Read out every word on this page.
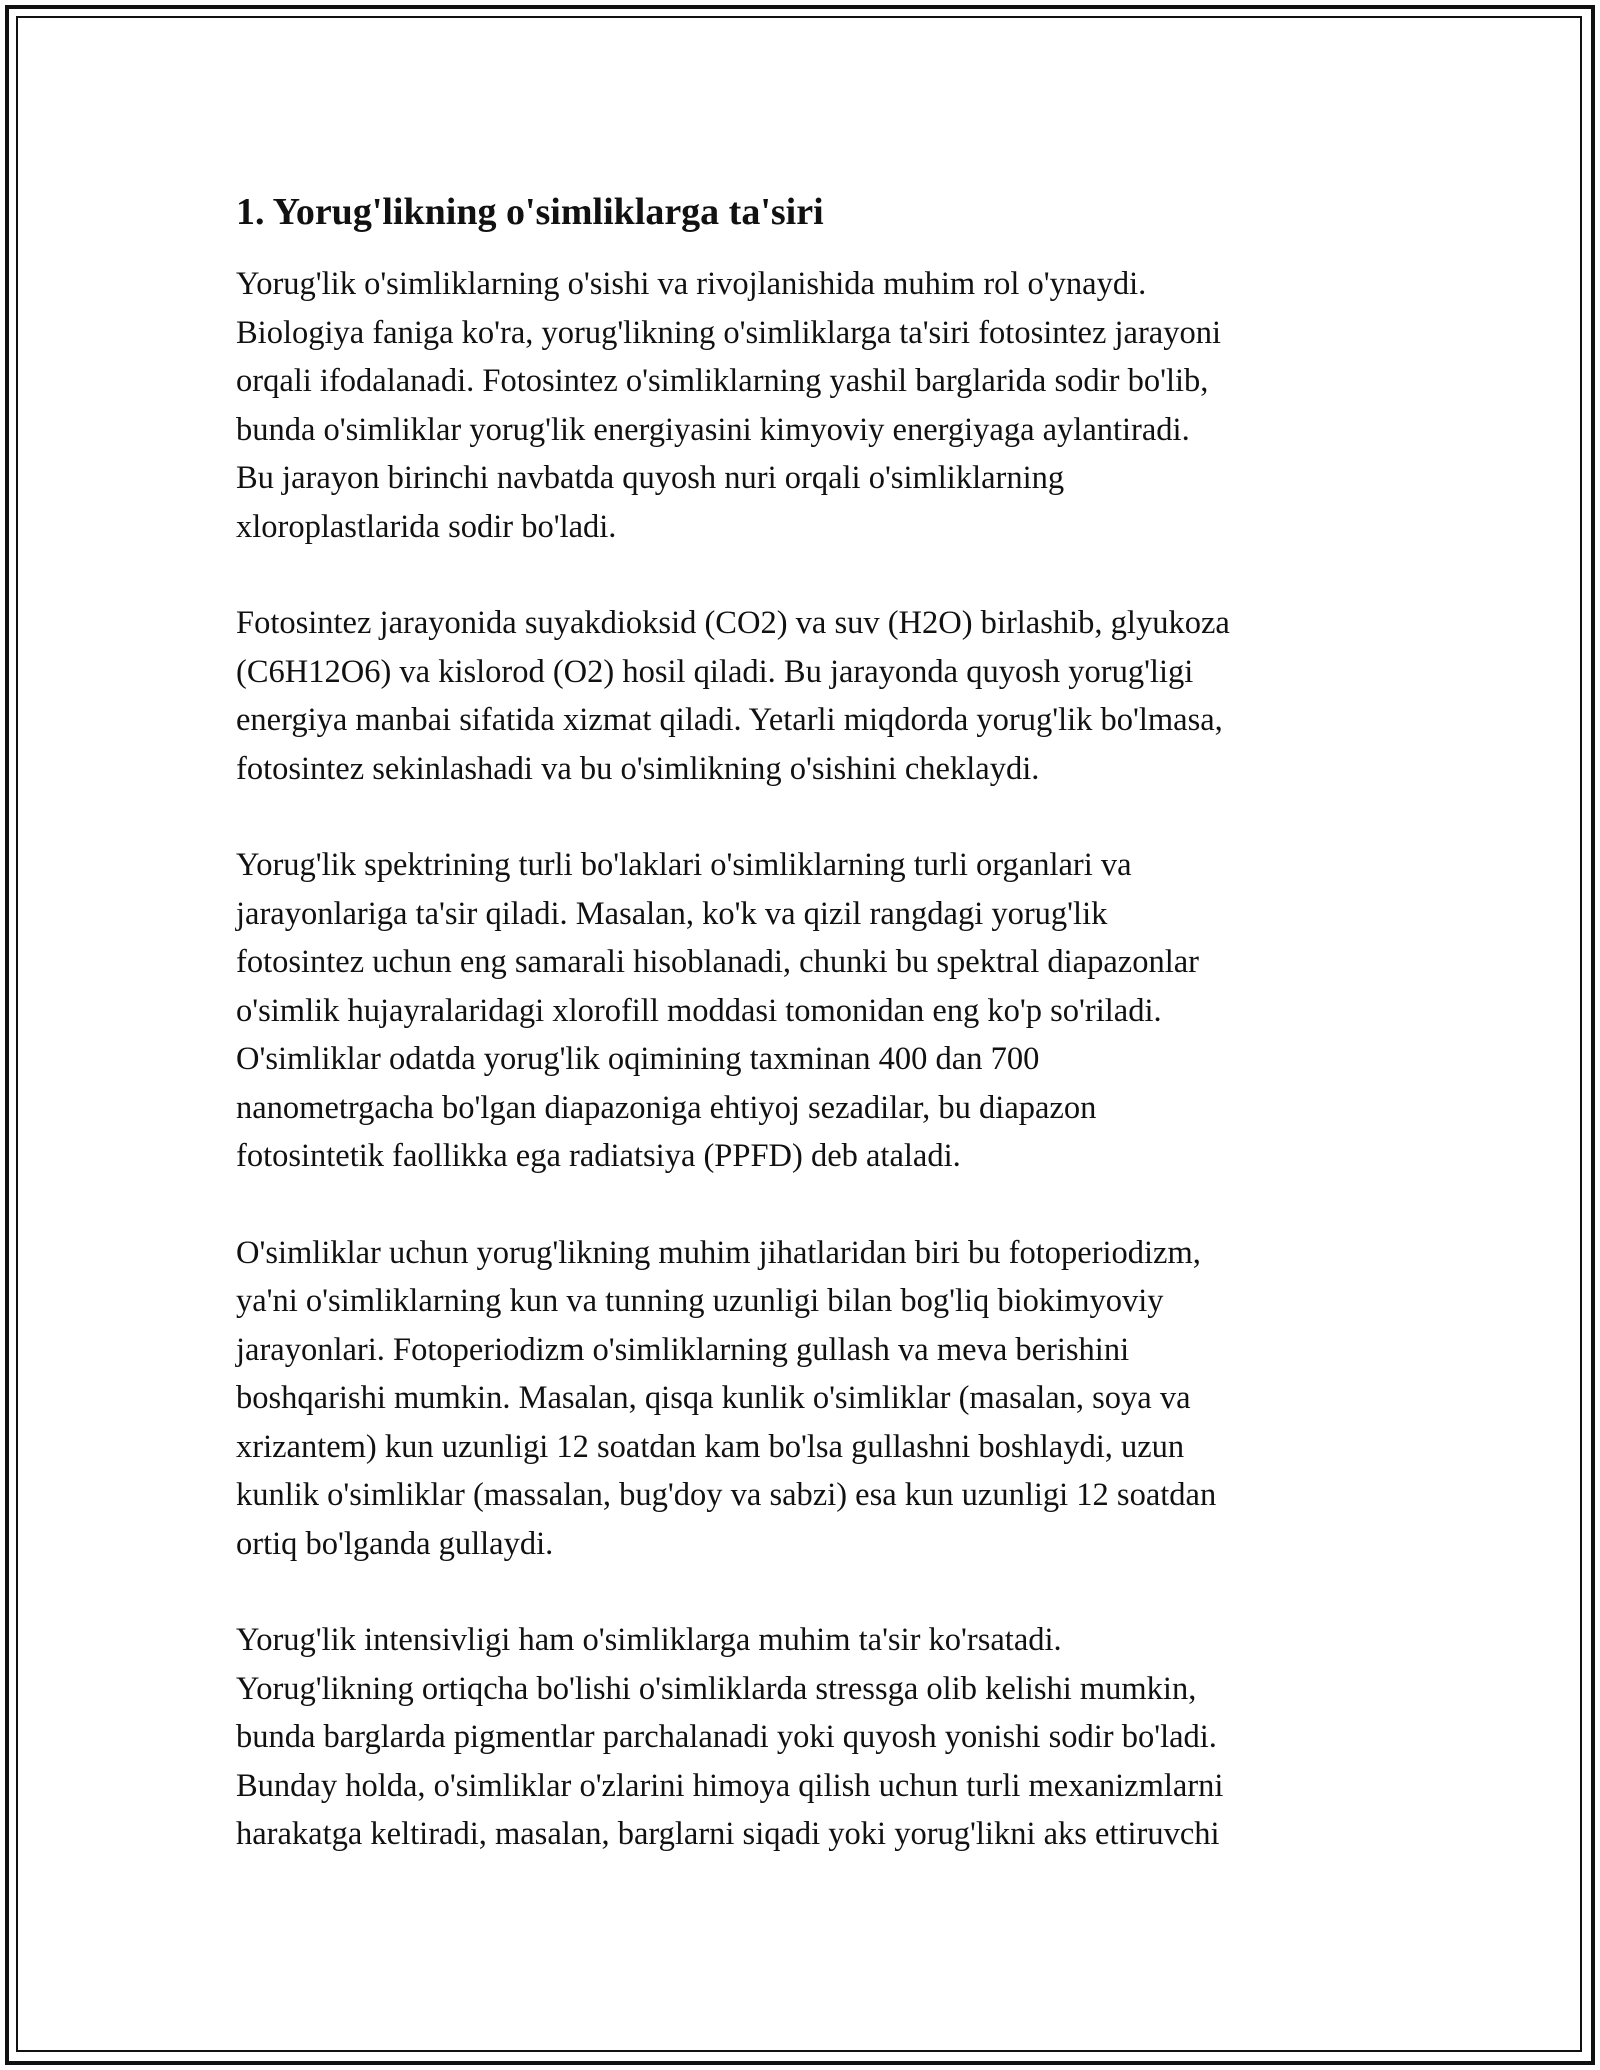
1. Yorug'likning o'simliklarga ta'siri

Yorug'lik o'simliklarning o'sishi va rivojlanishida muhim rol o'ynaydi.
Biologiya faniga ko'ra, yorug'likning o'simliklarga ta'siri fotosintez jarayoni
orqali ifodalanadi. Fotosintez o'simliklarning yashil barglarida sodir bo'lib,
bunda o'simliklar yorug'lik energiyasini kimyoviy energiyaga aylantiradi.
Bu jarayon birinchi navbatda quyosh nuri orqali o'simliklarning
xloroplastlarida sodir bo'ladi.

Fotosintez jarayonida suyakdioksid (CO2) va suv (H2O) birlashib, glyukoza
(C6H12O6) va kislorod (O2) hosil qiladi. Bu jarayonda quyosh yorug'ligi
energiya manbai sifatida xizmat qiladi. Yetarli miqdorda yorug'lik bo'lmasa,
fotosintez sekinlashadi va bu o'simlikning o'sishini cheklaydi.

Yorug'lik spektrining turli bo'laklari o'simliklarning turli organlari va
jarayonlariga ta'sir qiladi. Masalan, ko'k va qizil rangdagi yorug'lik
fotosintez uchun eng samarali hisoblanadi, chunki bu spektral diapazonlar
o'simlik hujayralaridagi xlorofill moddasi tomonidan eng ko'p so'riladi.
O'simliklar odatda yorug'lik oqimining taxminan 400 dan 700
nanometrgacha bo'lgan diapazoniga ehtiyoj sezadilar, bu diapazon
fotosintetik faollikka ega radiatsiya (PPFD) deb ataladi.

O'simliklar uchun yorug'likning muhim jihatlaridan biri bu fotoperiodizm,
ya'ni o'simliklarning kun va tunning uzunligi bilan bog'liq biokimyoviy
jarayonlari. Fotoperiodizm o'simliklarning gullash va meva berishini
boshqarishi mumkin. Masalan, qisqa kunlik o'simliklar (masalan, soya va
xrizantem) kun uzunligi 12 soatdan kam bo'lsa gullashni boshlaydi, uzun
kunlik o'simliklar (massalan, bug'doy va sabzi) esa kun uzunligi 12 soatdan
ortiq bo'lganda gullaydi.

Yorug'lik intensivligi ham o'simliklarga muhim ta'sir ko'rsatadi.
Yorug'likning ortiqcha bo'lishi o'simliklarda stressga olib kelishi mumkin,
bunda barglarda pigmentlar parchalanadi yoki quyosh yonishi sodir bo'ladi.
Bunday holda, o'simliklar o'zlarini himoya qilish uchun turli mexanizmlarni
harakatga keltiradi, masalan, barglarni siqadi yoki yorug'likni aks ettiruvchi
